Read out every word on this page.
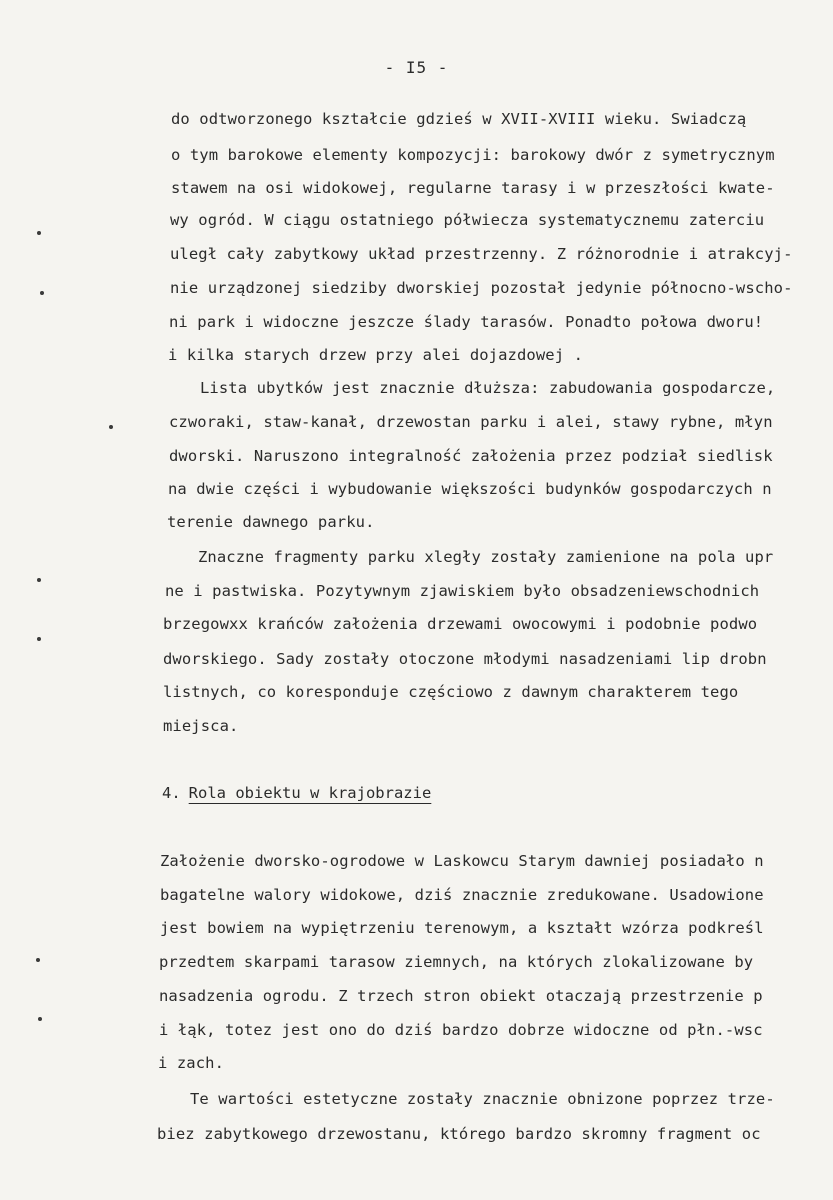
- I5 -
do odtworzonego kształcie gdzieś w XVII-XVIII wieku. Swiadczą
o tym barokowe elementy kompozycji: barokowy dwór z symetrycznym
stawem na osi widokowej, regularne tarasy i w przeszłości kwate-
wy ogród. W ciągu ostatniego półwiecza systematycznemu zaterciu
uległ cały zabytkowy układ przestrzenny. Z różnorodnie i atrakcyj-
nie urządzonej siedziby dworskiej pozostał jedynie północno-wscho-
ni park i widoczne jeszcze ślady tarasów. Ponadto połowa dworu!
i kilka starych drzew przy alei dojazdowej .
Lista ubytków jest znacznie dłuższa: zabudowania gospodarcze,
czworaki, staw-kanał, drzewostan parku i alei, stawy rybne, młyn
dworski. Naruszono integralność założenia przez podział siedlisk
na dwie części i wybudowanie większości budynków gospodarczych n
terenie dawnego parku.
Znaczne fragmenty parku xległy zostały zamienione na pola upr
ne i pastwiska. Pozytywnym zjawiskiem było obsadzeniewschodnich
brzegowxx krańców założenia drzewami owocowymi i podobnie podwo
dworskiego. Sady zostały otoczone młodymi nasadzeniami lip drobn
listnych, co koresponduje częściowo z dawnym charakterem tego
miejsca.
4. Rola obiektu w krajobrazie
Założenie dworsko-ogrodowe w Laskowcu Starym dawniej posiadało n
bagatelne walory widokowe, dziś znacznie zredukowane. Usadowione
jest bowiem na wypiętrzeniu terenowym, a kształt wzórza podkreśl
przedtem skarpami tarasow ziemnych, na których zlokalizowane by
nasadzenia ogrodu. Z trzech stron obiekt otaczają przestrzenie p
i łąk, totez jest ono do dziś bardzo dobrze widoczne od płn.-wsc
i zach.
Te wartości estetyczne zostały znacznie obnizone poprzez trze-
biez zabytkowego drzewostanu, którego bardzo skromny fragment oc
